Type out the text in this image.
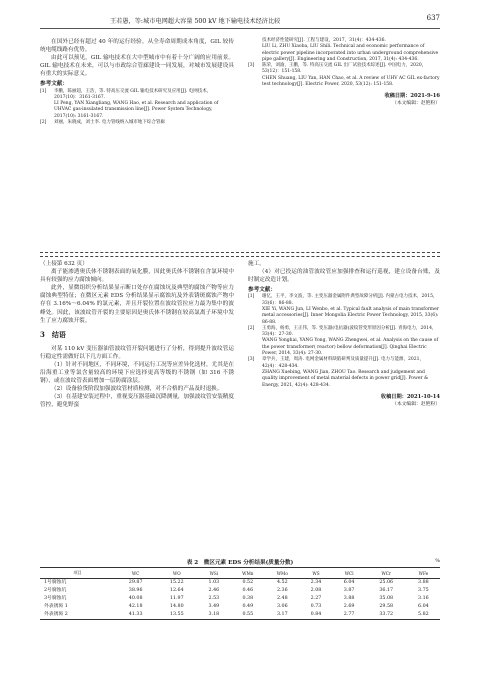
王若愚，等:城市电网超大容量 500 kV 地下输电技术经济比较	637

在国外已经有超过 40 年的运行经验。从全寿命周期成本角度，GIL 较传统电缆线路有优势。

由此可以预见，GIL 输电技术在大中型城市中有着十分广阔的应用前景。GIL 输电技术在未来，可以与市政综合管廊建设一同发展，对城市发展建设具有重大的实际意义。

参考文献：
[1]	李鹏，陈丽超，王浩，等. 特高压交流 GIL 输电技术研究及应用[J]. 电网技术，2017(10)：3161-3167.
LI Peng, YAN Xiangliang, WANG Hao, et al. Research and application of UHVAC gas-insulated transmission line[J]. Power System Technology, 2017(10): 3161-3167.
[2]	刘丽，朱晓成，刘士李. 电力管线纳入城市地下综合管廊
技术经济性能研究[J]. 工程与建设，2017，31(4)：434-436.
LIU Li, ZHU Xiaoba, LIU Shili. Technical and economic performance of electric power pipeline incorporated into urban underground comprehensive pipe gallery[J]. Engineering and Construction, 2017, 31(4): 434-436.
[3]	陈荣，刘渝，王鹏，等. 特高压交流 GIL 出厂试验技术综述[J]. 中国电力，2020，53(12)：151-158.
CHEN Shuang, LIU Yan, HAN Chao, et al. A review of UHV AC GIL ex-factory test technology[J]. Electric Power, 2020, 53(12): 151-158.
收稿日期：2021-9-16
（本文编辑：赵艳粉）
（上接第 632 页）

离子能渗透奥氏体不锈钢表面的氧化膜，因此奥氏体不锈钢在含氯环境中具有较强的应力腐蚀倾向。

此外，显微组织分析结果显示断口处存在腐蚀坑及典型的腐蚀产物等应力腐蚀典型特征；在微区元素 EDS 分析结果显示腐蚀坑及外表锈斑腐蚀产物中存在 3.16%～6.04% 的氯元素，并且开裂位置在波纹管拉应力最为集中的波峰处。因此，该波纹管开裂的主要原因是奥氏体不锈钢在较高氯离子环境中发生了应力腐蚀开裂。

3　结语

对某 110 kV 变压器油管波纹管开裂问题进行了分析，得到提升波纹管运行稳定性需做好以下几方面工作。

（1）针对不同地区，不同环境，不同运行工况等应差异化选材，尤其是在沿海重工业等氯含量较高的环境下应选择更高等级的不锈钢（如 316 不锈钢），或在波纹管表面增加一层防腐涂层。

（2）设备验货阶段加强波纹管材质检测，对不合格的产品及时退换。

（3）在基建安装过程中，重视变压器基础沉降测量，加强波纹管安装精度管控，避免野蛮

施工。

（4）对已投运的油管波纹管应加强排查和运行巡视，建立设备台账，及时制定改造计划。

参考文献：
[1]	谢亿，王平，李文波，等. 主变压器金属附件典型故障分析[J]. 内蒙古电力技术，2015，33(6)：86-88.
XIE Yi, WANG Jun, LI Wenbo, et al. Typical fault analysis of main transformer metal accessories[J]. Inner Mongolia Electric Power Technology, 2015, 33(6): 86-88.
[2]	王勇海，杨勇，王正伟，等. 变压器(电抗器)波纹管变形原因分析[J]. 青海电力，2014，33(4)：27-30.
WANG Yonghai, YANG Yong, WANG Zhengwei, et al. Analysis on the cause of the power transformer( reactor) bellow deformation[J]. Qinghai Electric Power, 2014, 33(4): 27-30.
[3]	章学兵，王建，周涛. 电网金属材料缺陷研判及质量提升[J]. 电力与能源，2021，42(4)：428-434.
ZHANG Xuebing, WANG Jian, ZHOU Tao. Research and judgement and quality improvement of metal material defects in power grid[J]. Power & Energy, 2021, 42(4): 428-434.
收稿日期：2021-10-14
（本文编辑：赵艳粉）
表 2　微区元素 EDS 分析结果(质量分数)	%
项目	WC	WO	WSi	WMn	WMo	WS	WCl	WCr	WFe
1号腐蚀坑	29.87	15.22	1.03	0.52	4.52	2.34	6.04	25.06	3.88
2号腐蚀坑	38.96	12.64	2.46	0.46	2.36	2.08	3.87	36.17	3.75
3号腐蚀坑	40.08	11.97	2.53	0.38	2.48	2.27	3.88	35.08	3.16
外表锈斑 1	42.18	14.80	3.49	0.49	3.06	0.73	2.69	29.58	6.04
外表锈斑 2	41.33	13.55	3.18	0.55	3.17	0.84	2.77	33.72	5.82
